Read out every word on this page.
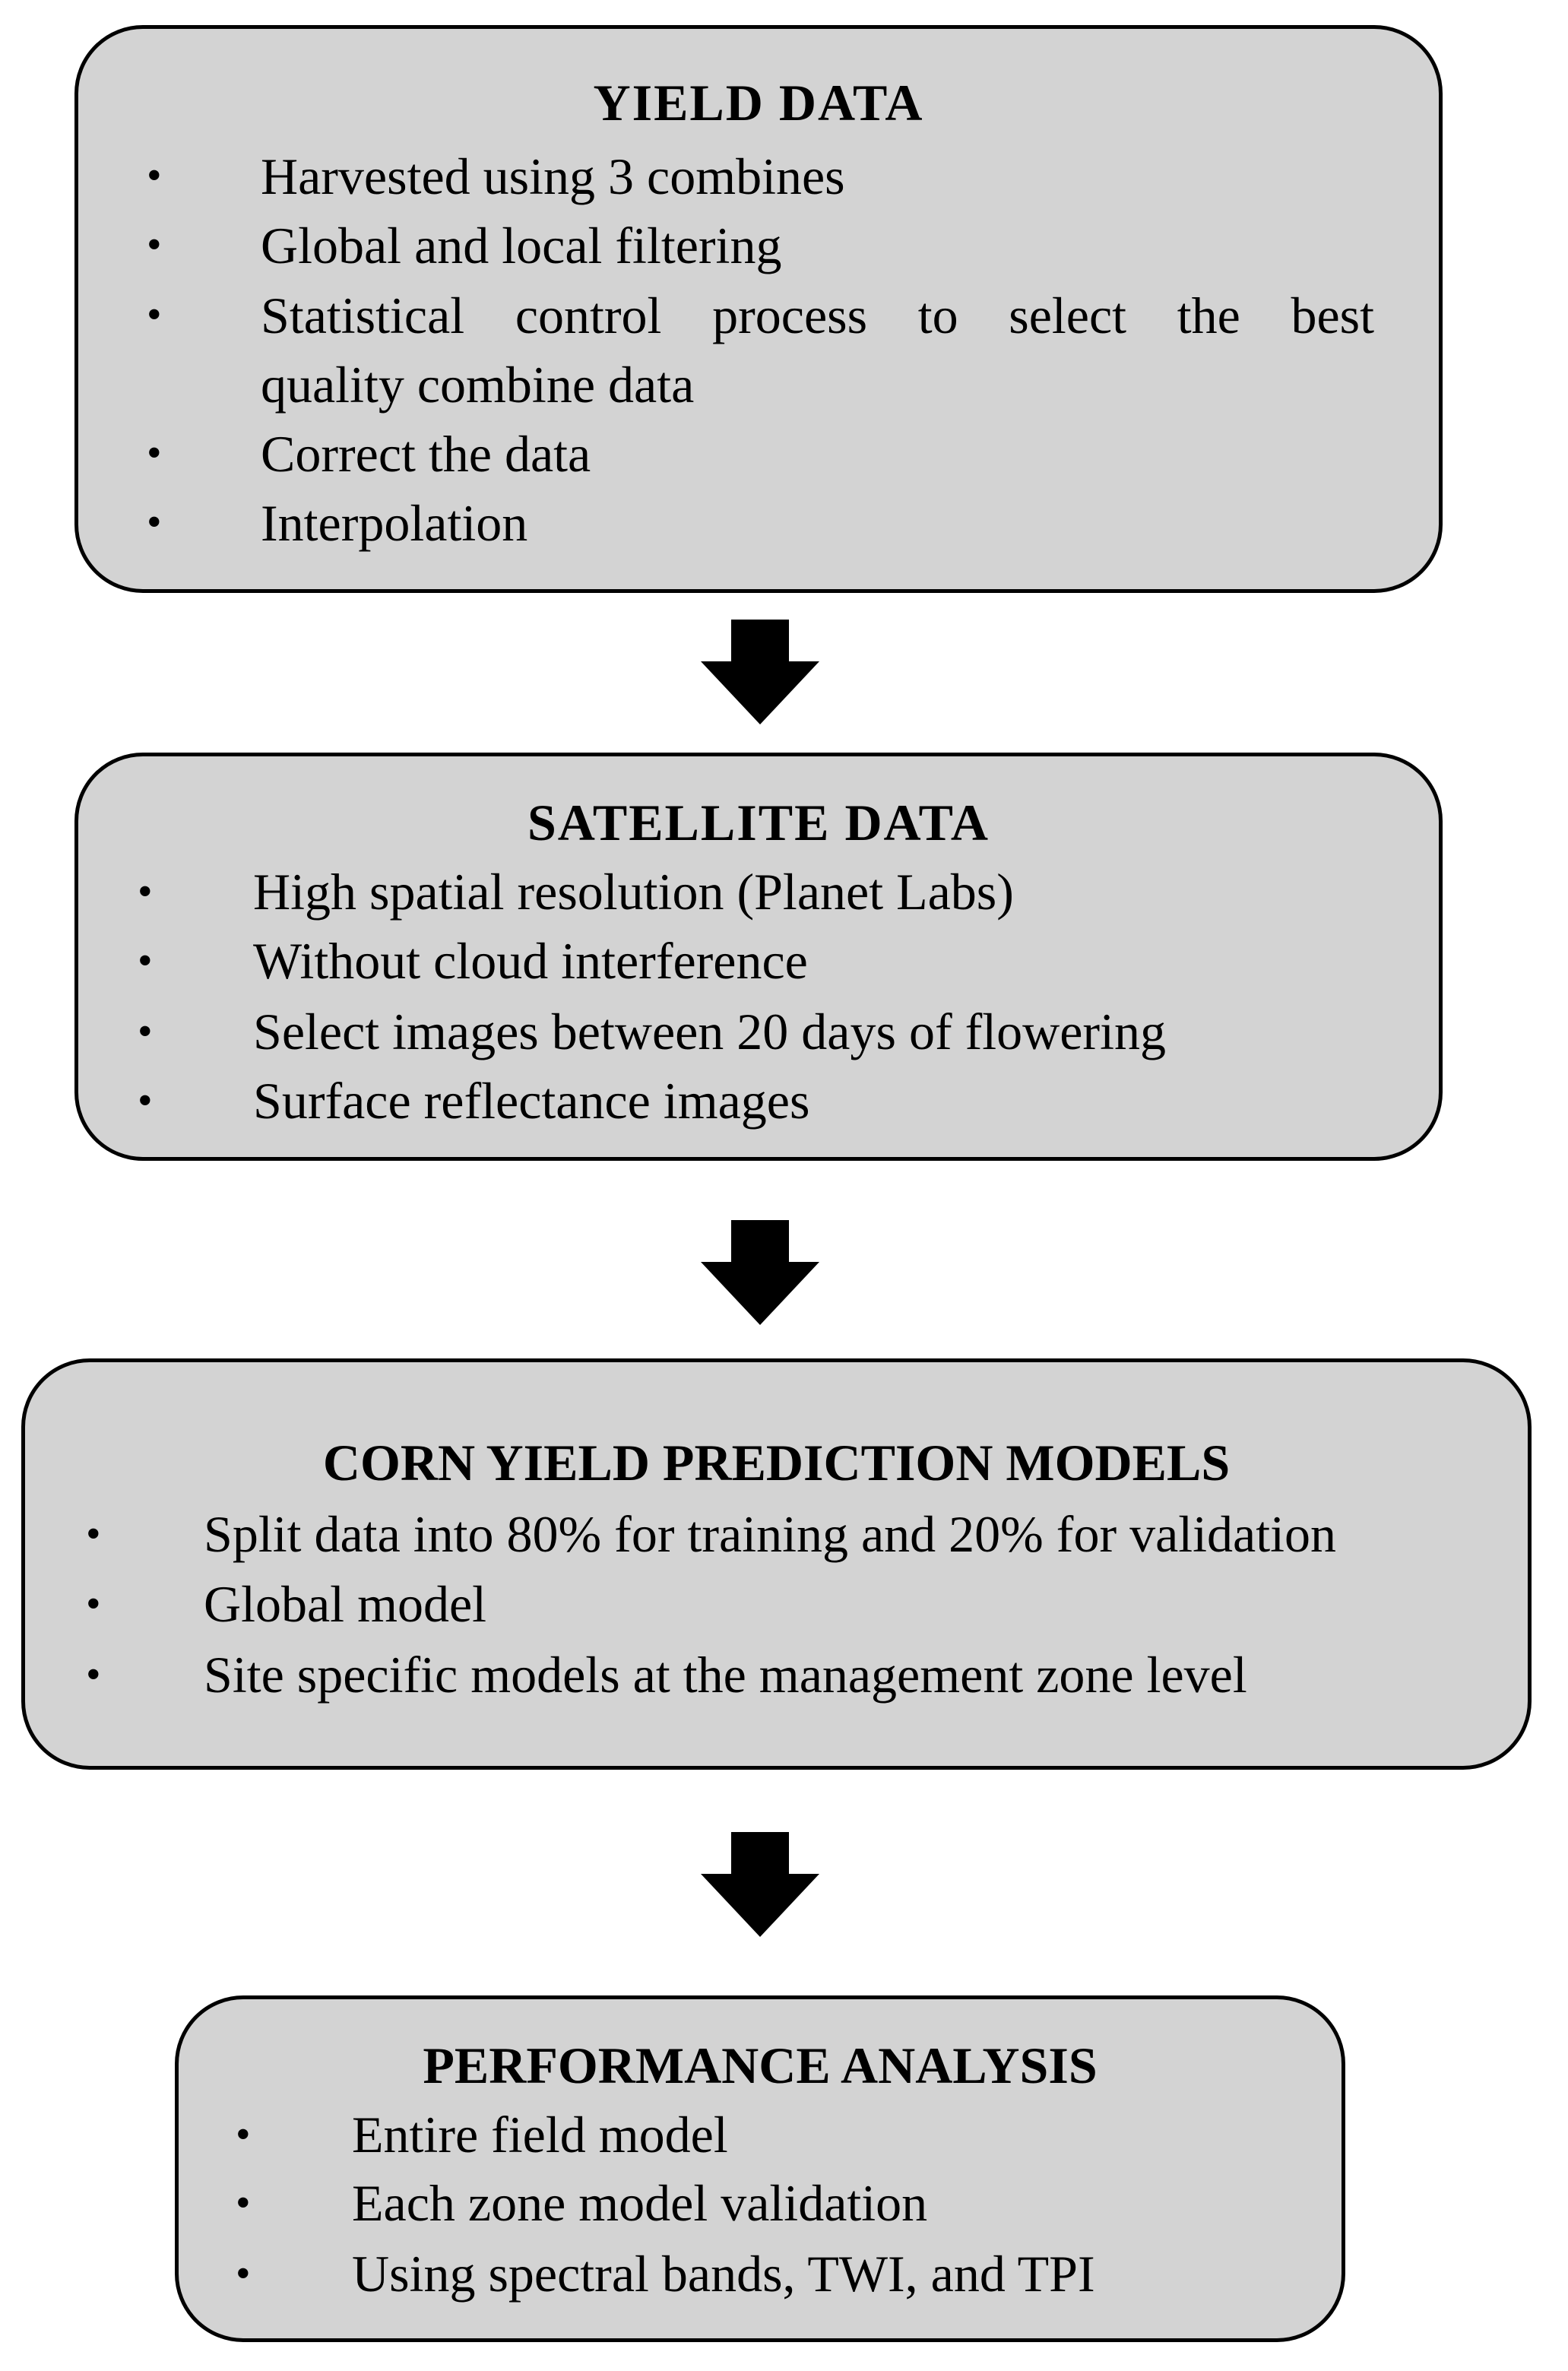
YIELD DATA
• Harvested using 3 combines
• Global and local filtering
• Statistical control process to select the best
quality combine data
• Correct the data
• Interpolation
SATELLITE DATA
• High spatial resolution (Planet Labs)
• Without cloud interference
• Select images between 20 days of flowering
• Surface reflectance images
CORN YIELD PREDICTION MODELS
• Split data into 80% for training and 20% for validation
• Global model
• Site specific models at the management zone level
PERFORMANCE ANALYSIS
• Entire field model
• Each zone model validation
• Using spectral bands, TWI, and TPI
